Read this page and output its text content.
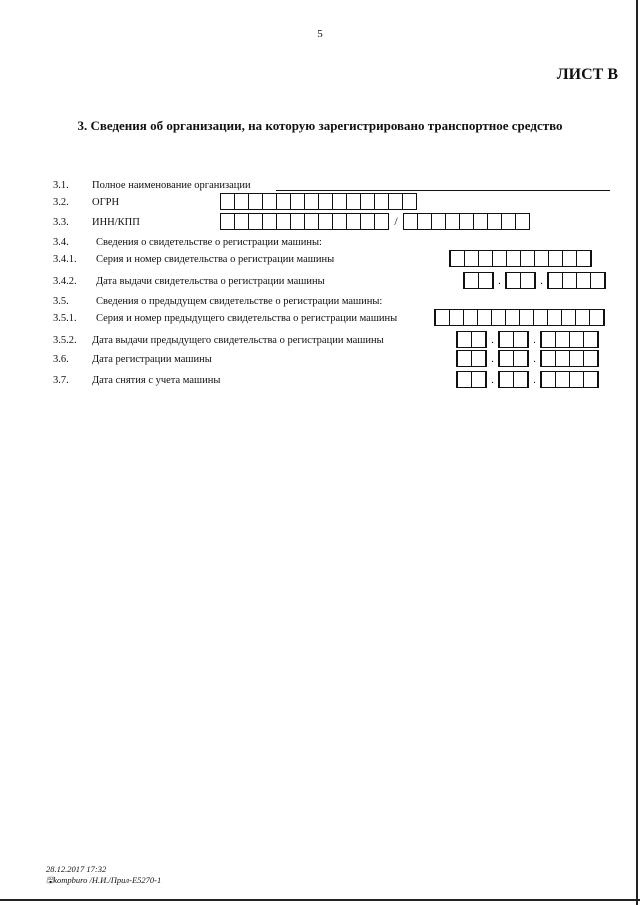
5
ЛИСТ В
3. Сведения об организации, на которую зарегистрировано транспортное средство
3.1. Полное наименование организации
3.2. ОГРН
3.3. ИНН/КПП	/
3.4.	Сведения о свидетельстве о регистрации машины:
3.4.1. Серия и номер свидетельства о регистрации машины
3.4.2. Дата выдачи свидетельства о регистрации машины	.	.
3.5.	Сведения о предыдущем свидетельстве о регистрации машины:
3.5.1. Серия и номер предыдущего свидетельства о регистрации машины
3.5.2. Дата выдачи предыдущего свидетельства о регистрации машины	.	.
3.6. Дата регистрации машины	.	.
3.7. Дата снятия с учета машины	.	.
28.12.2017 17:32
🖫kompburo /Н.И./Прил-Е5270-1
